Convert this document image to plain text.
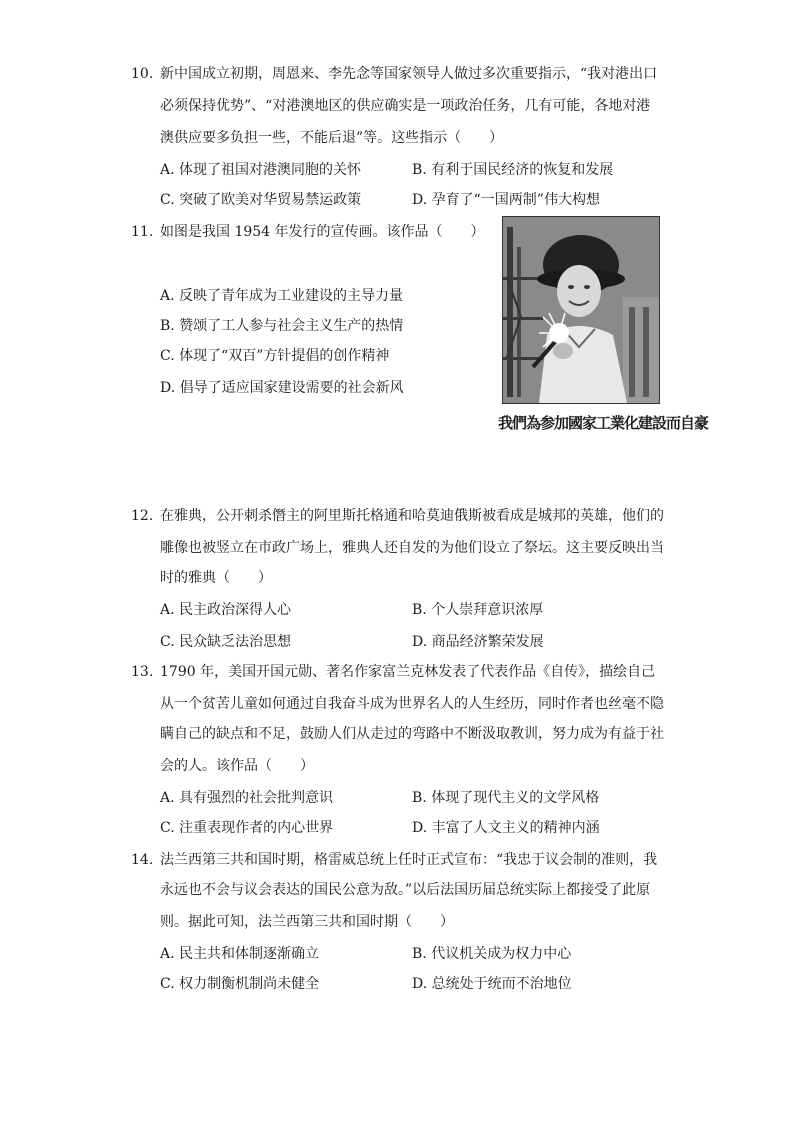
10. 新中国成立初期，周恩来、李先念等国家领导人做过多次重要指示，“我对港出口
必须保持优势”、“对港澳地区的供应确实是一项政治任务，几有可能，各地对港
澳供应要多负担一些，不能后退”等。这些指示（　　）
A. 体现了祖国对港澳同胞的关怀	B. 有利于国民经济的恢复和发展
C. 突破了欧美对华贸易禁运政策	D. 孕育了“一国两制”伟大构想
11. 如图是我国 1954 年发行的宣传画。该作品（　　）
A. 反映了青年成为工业建设的主导力量
B. 赞颂了工人参与社会主义生产的热情
C. 体现了“双百”方针提倡的创作精神
D. 倡导了适应国家建设需要的社会新风
我們為参加國家工業化建設而自豪
12. 在雅典，公开刺杀僭主的阿里斯托格通和哈莫迪俄斯被看成是城邦的英雄，他们的
雕像也被竖立在市政广场上，雅典人还自发的为他们设立了祭坛。这主要反映出当
时的雅典（　　）
A. 民主政治深得人心	B. 个人崇拜意识浓厚
C. 民众缺乏法治思想	D. 商品经济繁荣发展
13. 1790 年，美国开国元勋、著名作家富兰克林发表了代表作品《自传》，描绘自己
从一个贫苦儿童如何通过自我奋斗成为世界名人的人生经历，同时作者也丝毫不隐
瞒自己的缺点和不足，鼓励人们从走过的弯路中不断汲取教训，努力成为有益于社
会的人。该作品（　　）
A. 具有强烈的社会批判意识	B. 体现了现代主义的文学风格
C. 注重表现作者的内心世界	D. 丰富了人文主义的精神内涵
14. 法兰西第三共和国时期，格雷威总统上任时正式宣布：“我忠于议会制的准则，我
永远也不会与议会表达的国民公意为敌。”以后法国历届总统实际上都接受了此原
则。据此可知，法兰西第三共和国时期（　　）
A. 民主共和体制逐渐确立	B. 代议机关成为权力中心
C. 权力制衡机制尚未健全	D. 总统处于统而不治地位
